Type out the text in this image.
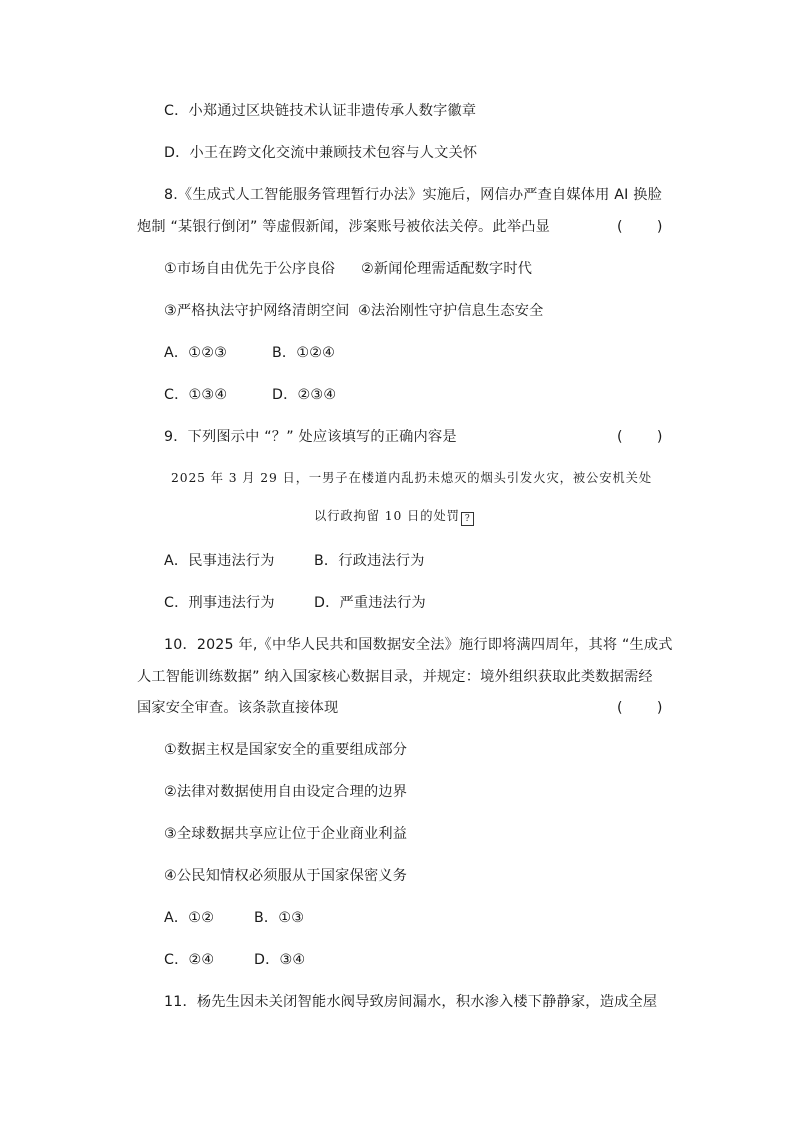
C．小郑通过区块链技术认证非遗传承人数字徽章
D．小王在跨文化交流中兼顾技术包容与人文关怀
8.《生成式人工智能服务管理暂行办法》实施后，网信办严查自媒体用 AI 换脸
炮制 “某银行倒闭” 等虚假新闻，涉案账号被依法关停。此举凸显	(　　)
①市场自由优先于公序良俗 ②新闻伦理需适配数字时代
③严格执法守护网络清朗空间 ④法治刚性守护信息生态安全
A．①②③	B．①②④
C．①③④	D．②③④
9．下列图示中 “？” 处应该填写的正确内容是	(　　)
2025 年 3 月 29 日，一男子在楼道内乱扔未熄灭的烟头引发火灾，被公安机关处
以行政拘留 10 日的处罚 ?
A．民事违法行为	B．行政违法行为
C．刑事违法行为	D．严重违法行为
10．2025 年,《中华人民共和国数据安全法》施行即将满四周年，其将 “生成式
人工智能训练数据” 纳入国家核心数据目录，并规定：境外组织获取此类数据需经
国家安全审查。该条款直接体现	(　　)
①数据主权是国家安全的重要组成部分
②法律对数据使用自由设定合理的边界
③全球数据共享应让位于企业商业利益
④公民知情权必须服从于国家保密义务
A．①②	B．①③
C．②④	D．③④
11．杨先生因未关闭智能水阀导致房间漏水，积水渗入楼下静静家，造成全屋
